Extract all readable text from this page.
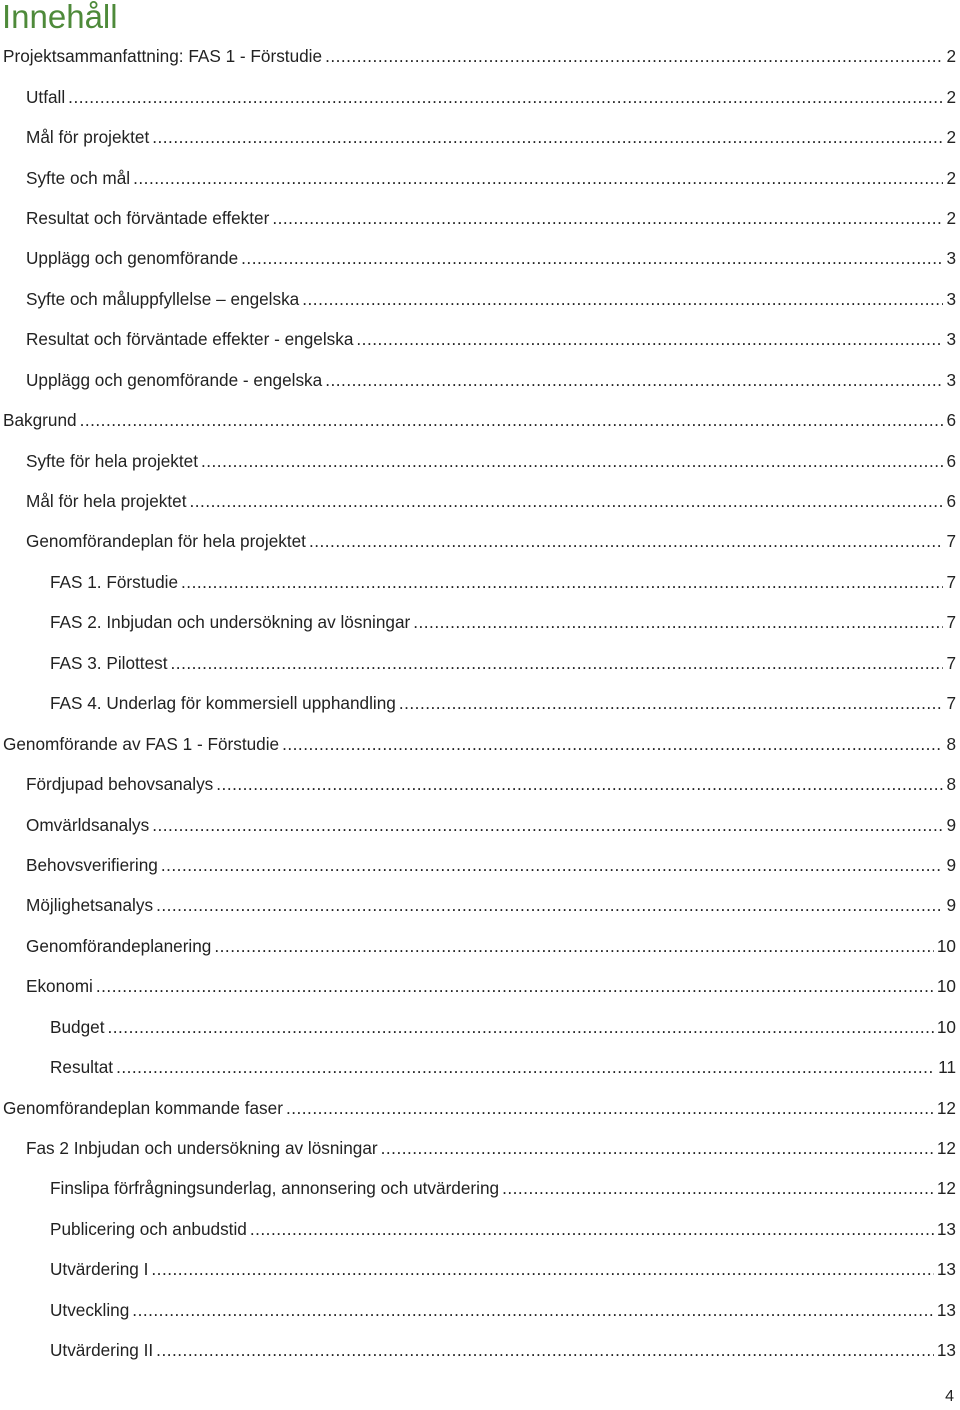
Innehåll
Projektsammanfattning: FAS 1 - Förstudie .....	2
Utfall .....	2
Mål för projektet .....	2
Syfte och mål .....	2
Resultat och förväntade effekter .....	2
Upplägg och genomförande .....	3
Syfte och måluppfyllelse – engelska .....	3
Resultat och förväntade effekter - engelska .....	3
Upplägg och genomförande - engelska .....	3
Bakgrund .....	6
Syfte för hela projektet .....	6
Mål för hela projektet .....	6
Genomförandeplan för hela projektet .....	7
FAS 1. Förstudie .....	7
FAS 2. Inbjudan och undersökning av lösningar .....	7
FAS 3. Pilottest .....	7
FAS 4. Underlag för kommersiell upphandling .....	7
Genomförande av FAS 1 - Förstudie .....	8
Fördjupad behovsanalys .....	8
Omvärldsanalys .....	9
Behovsverifiering .....	9
Möjlighetsanalys .....	9
Genomförandeplanering .....	10
Ekonomi .....	10
Budget .....	10
Resultat .....	11
Genomförandeplan kommande faser .....	12
Fas 2 Inbjudan och undersökning av lösningar .....	12
Finslipa förfrågningsunderlag, annonsering och utvärdering .....	12
Publicering och anbudstid .....	13
Utvärdering I .....	13
Utveckling .....	13
Utvärdering II .....	13
4
